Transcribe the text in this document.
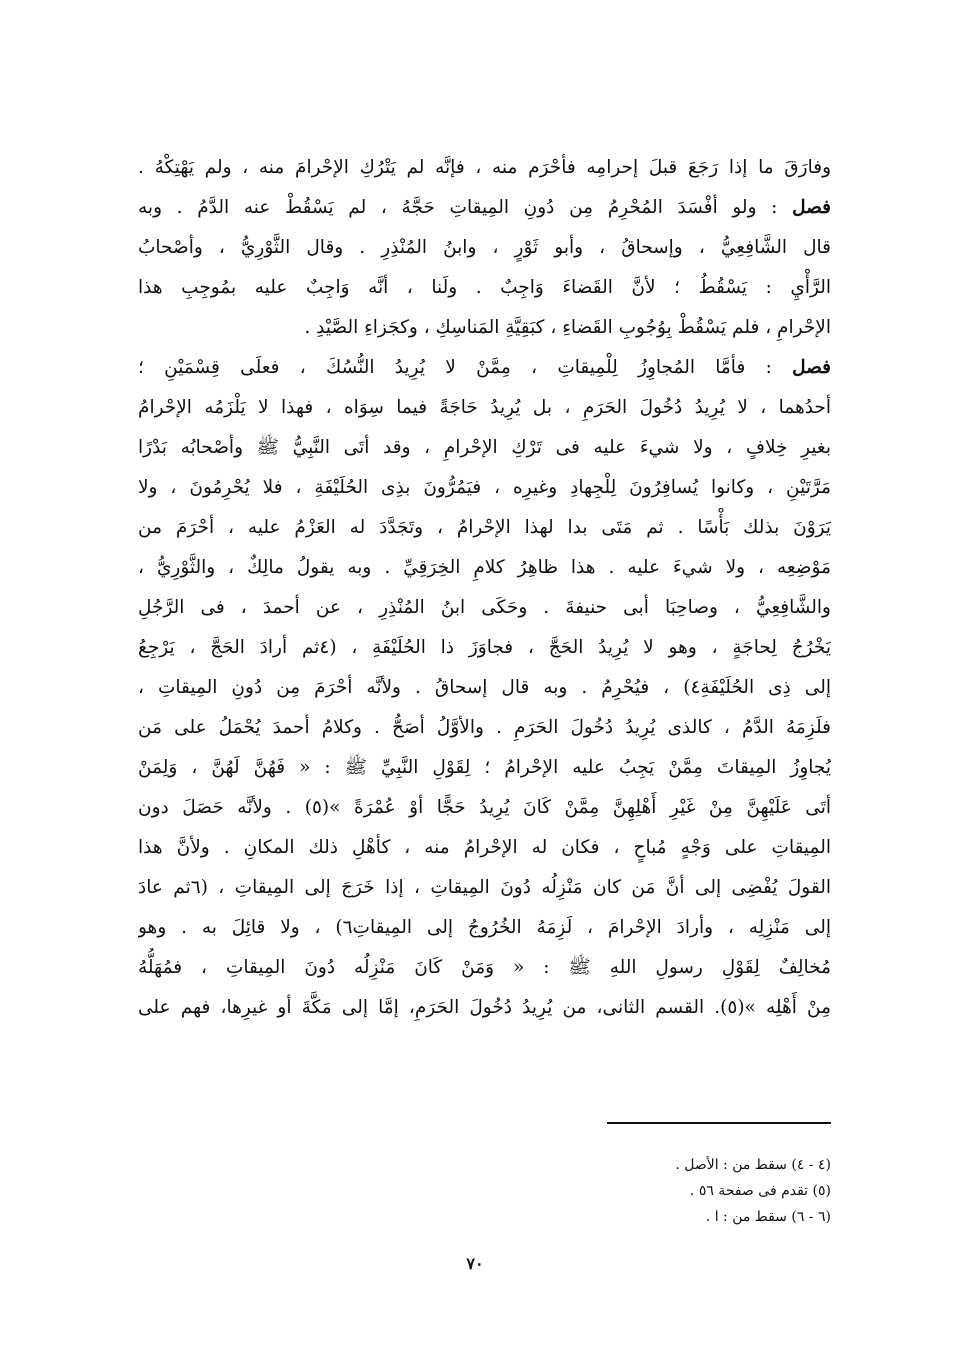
وفارَقَ ما إذا رَجَعَ قبلَ إحرامِه فأحْرَم منه ، فإنَّه لم يَتْرُكِ الإحْرامَ منه ، ولم يَهْتِكْهُ .
فصل : ولو أفْسَدَ المُحْرِمُ مِن دُونِ المِيقاتِ حَجَّهُ ، لم يَسْقُطْ عنه الدَّمُ . وبه
قال الشَّافِعِيُّ ، وإسحاقُ ، وأبو ثَوْرٍ ، وابنُ المُنْذِرِ . وقال الثَّوْرِيُّ ، وأصْحابُ
الرَّأْيِ : يَسْقُطُ ؛ لأنَّ القَضاءَ وَاجِبٌ . ولَنا ، أنَّه وَاجِبٌ عليه بمُوجِبِ هذا
الإحْرامِ ، فلم يَسْقُطْ بِوُجُوبِ القَضاءِ ، كبَقِيَّةِ المَناسِكِ ، وكجَزاءِ الصَّيْدِ .
فصل : فأمَّا المُجاوِزُ لِلْمِيقاتِ ، مِمَّنْ لا يُرِيدُ النُّسُكَ ، فعلَى قِسْمَيْنِ ؛
أحدُهما ، لا يُرِيدُ دُخُولَ الحَرَمِ ، بل يُرِيدُ حَاجَةً فيما سِوَاه ، فهذا لا يَلْزَمُه الإحْرامُ
بغيرِ خِلافٍ ، ولا شيءَ عليه فى تَرْكِ الإحْرامِ ، وقد أتَى النَّبِيُّ ﷺ وأصْحابُه بَدْرًا
مَرَّتَيْنِ ، وكانوا يُسافِرُونَ لِلْجِهادِ وغيرِه ، فيَمُرُّونَ بذِى الحُلَيْفَةِ ، فلا يُحْرِمُونَ ، ولا
يَرَوْنَ بذلك بَأْسًا . ثم مَتَى بدا لهذا الإحْرامُ ، وتَجَدَّدَ له العَزْمُ عليه ، أحْرَمَ من
مَوْضِعِه ، ولا شيءَ عليه . هذا ظاهِرُ كلامِ الخِرَقِيِّ . وبه يقولُ مالِكٌ ، والثَّوْرِيُّ ،
والشَّافِعِيُّ ، وصاحِبَا أبى حنيفةَ . وحَكَى ابنُ المُنْذِرِ ، عن أحمدَ ، فى الرَّجُلِ
يَخْرُجُ لِحاجَةٍ ، وهو لا يُرِيدُ الحَجَّ ، فجاوَزَ ذا الحُلَيْفَةِ ، (٤ثم أرادَ الحَجَّ ، يَرْجِعُ
إلى ذِى الحُلَيْفَةِ٤) ، فيُحْرِمُ . وبه قال إسحاقُ . ولأنَّه أحْرَمَ مِن دُونِ المِيقاتِ ،
فلَزِمَهُ الدَّمُ ، كالذى يُرِيدُ دُخُولَ الحَرَمِ . والأوَّلُ أصَحُّ . وكلامُ أحمدَ يُحْمَلُ على مَن
يُجاوِزُ المِيقاتَ مِمَّنْ يَجِبُ عليه الإحْرامُ ؛ لِقَوْلِ النَّبِيِّ ﷺ : « فَهُنَّ لَهُنَّ ، وَلِمَنْ
أتَى عَلَيْهِنَّ مِنْ غَيْرِ أَهْلِهِنَّ مِمَّنْ كَانَ يُرِيدُ حَجًّا أوْ عُمْرَةً »(٥) . ولأنَّه حَصَلَ دون
المِيقاتِ على وَجْهٍ مُباحٍ ، فكان له الإحْرامُ منه ، كأهْلِ ذلك المكانِ . ولأنَّ هذا
القولَ يُفْضِى إلى أنَّ مَن كان مَنْزِلُه دُونَ المِيقاتِ ، إذا خَرَجَ إلى المِيقاتِ ، (٦ثم عادَ
إلى مَنْزِلِه ، وأرادَ الإحْرامَ ، لَزِمَهُ الخُرُوجُ إلى المِيقاتِ٦) ، ولا قائِلَ به . وهو
مُخالِفٌ لِقَوْلِ رسولِ اللهِ ﷺ : « وَمَنْ كَانَ مَنْزِلُه دُونَ المِيقاتِ ، فمُهَلُّهُ
مِنْ أَهْلِه »(٥). القسم الثانى، من يُرِيدُ دُخُولَ الحَرَمِ، إمَّا إلى مَكَّةَ أو غيرِها، فهم على
(٤ - ٤) سقط من : الأصل .
(٥) تقدم فى صفحة ٥٦ .
(٦ - ٦) سقط من : ا .
٧٠
